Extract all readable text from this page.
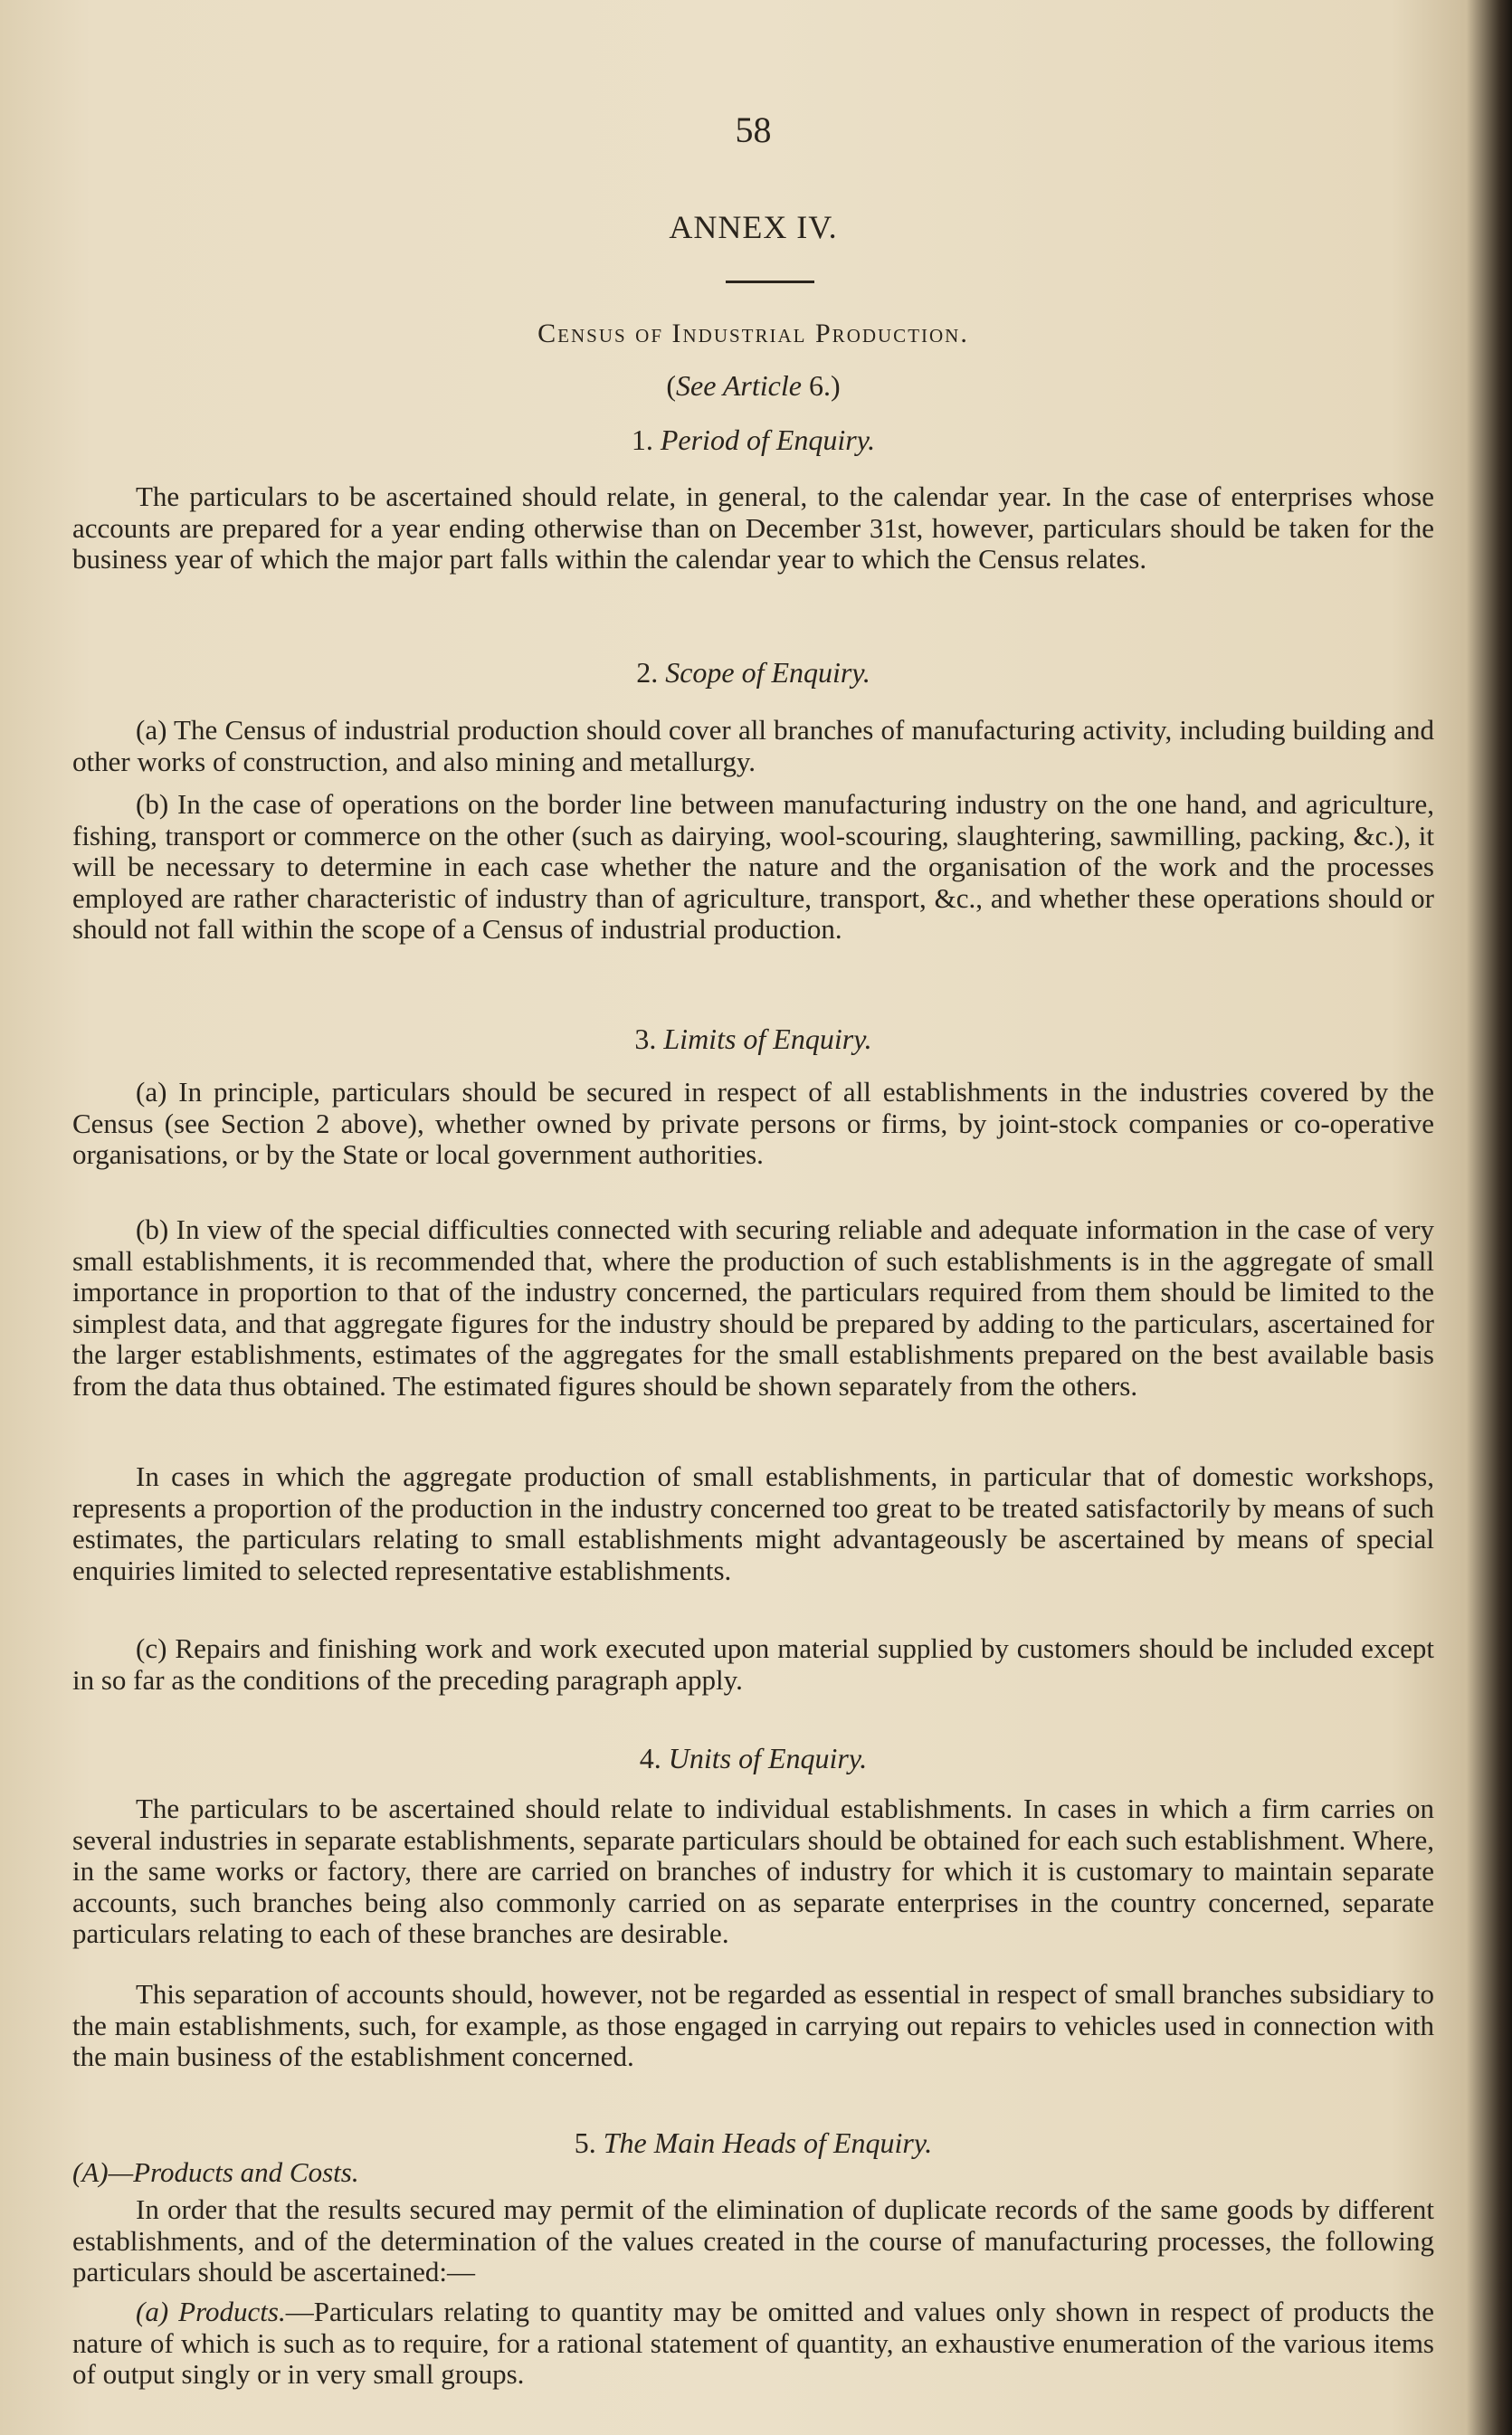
58
ANNEX IV.
Census of Industrial Production.
(See Article 6.)
1. Period of Enquiry.
The particulars to be ascertained should relate, in general, to the calendar year. In the case of enterprises whose accounts are prepared for a year ending otherwise than on December 31st, however, particulars should be taken for the business year of which the major part falls within the calendar year to which the Census relates.
2. Scope of Enquiry.
(a) The Census of industrial production should cover all branches of manufacturing activity, including building and other works of construction, and also mining and metallurgy.
(b) In the case of operations on the border line between manufacturing industry on the one hand, and agriculture, fishing, transport or commerce on the other (such as dairying, wool-scouring, slaughtering, sawmilling, packing, &c.), it will be necessary to determine in each case whether the nature and the organisation of the work and the processes employed are rather characteristic of industry than of agriculture, transport, &c., and whether these operations should or should not fall within the scope of a Census of industrial production.
3. Limits of Enquiry.
(a) In principle, particulars should be secured in respect of all establishments in the industries covered by the Census (see Section 2 above), whether owned by private persons or firms, by joint-stock companies or co-operative organisations, or by the State or local government authorities.
(b) In view of the special difficulties connected with securing reliable and adequate information in the case of very small establishments, it is recommended that, where the production of such establishments is in the aggregate of small importance in proportion to that of the industry concerned, the particulars required from them should be limited to the simplest data, and that aggregate figures for the industry should be prepared by adding to the particulars, ascertained for the larger establishments, estimates of the aggregates for the small establishments prepared on the best available basis from the data thus obtained. The estimated figures should be shown separately from the others.
In cases in which the aggregate production of small establishments, in particular that of domestic workshops, represents a proportion of the production in the industry concerned too great to be treated satisfactorily by means of such estimates, the particulars relating to small establishments might advantageously be ascertained by means of special enquiries limited to selected representative establishments.
(c) Repairs and finishing work and work executed upon material supplied by customers should be included except in so far as the conditions of the preceding paragraph apply.
4. Units of Enquiry.
The particulars to be ascertained should relate to individual establishments. In cases in which a firm carries on several industries in separate establishments, separate particulars should be obtained for each such establishment. Where, in the same works or factory, there are carried on branches of industry for which it is customary to maintain separate accounts, such branches being also commonly carried on as separate enterprises in the country concerned, separate particulars relating to each of these branches are desirable.
This separation of accounts should, however, not be regarded as essential in respect of small branches subsidiary to the main establishments, such, for example, as those engaged in carrying out repairs to vehicles used in connection with the main business of the establishment concerned.
5. The Main Heads of Enquiry.
(A)—Products and Costs.
In order that the results secured may permit of the elimination of duplicate records of the same goods by different establishments, and of the determination of the values created in the course of manufacturing processes, the following particulars should be ascertained:—
(a) Products.—Particulars relating to quantity may be omitted and values only shown in respect of products the nature of which is such as to require, for a rational statement of quantity, an exhaustive enumeration of the various items of output singly or in very small groups.
